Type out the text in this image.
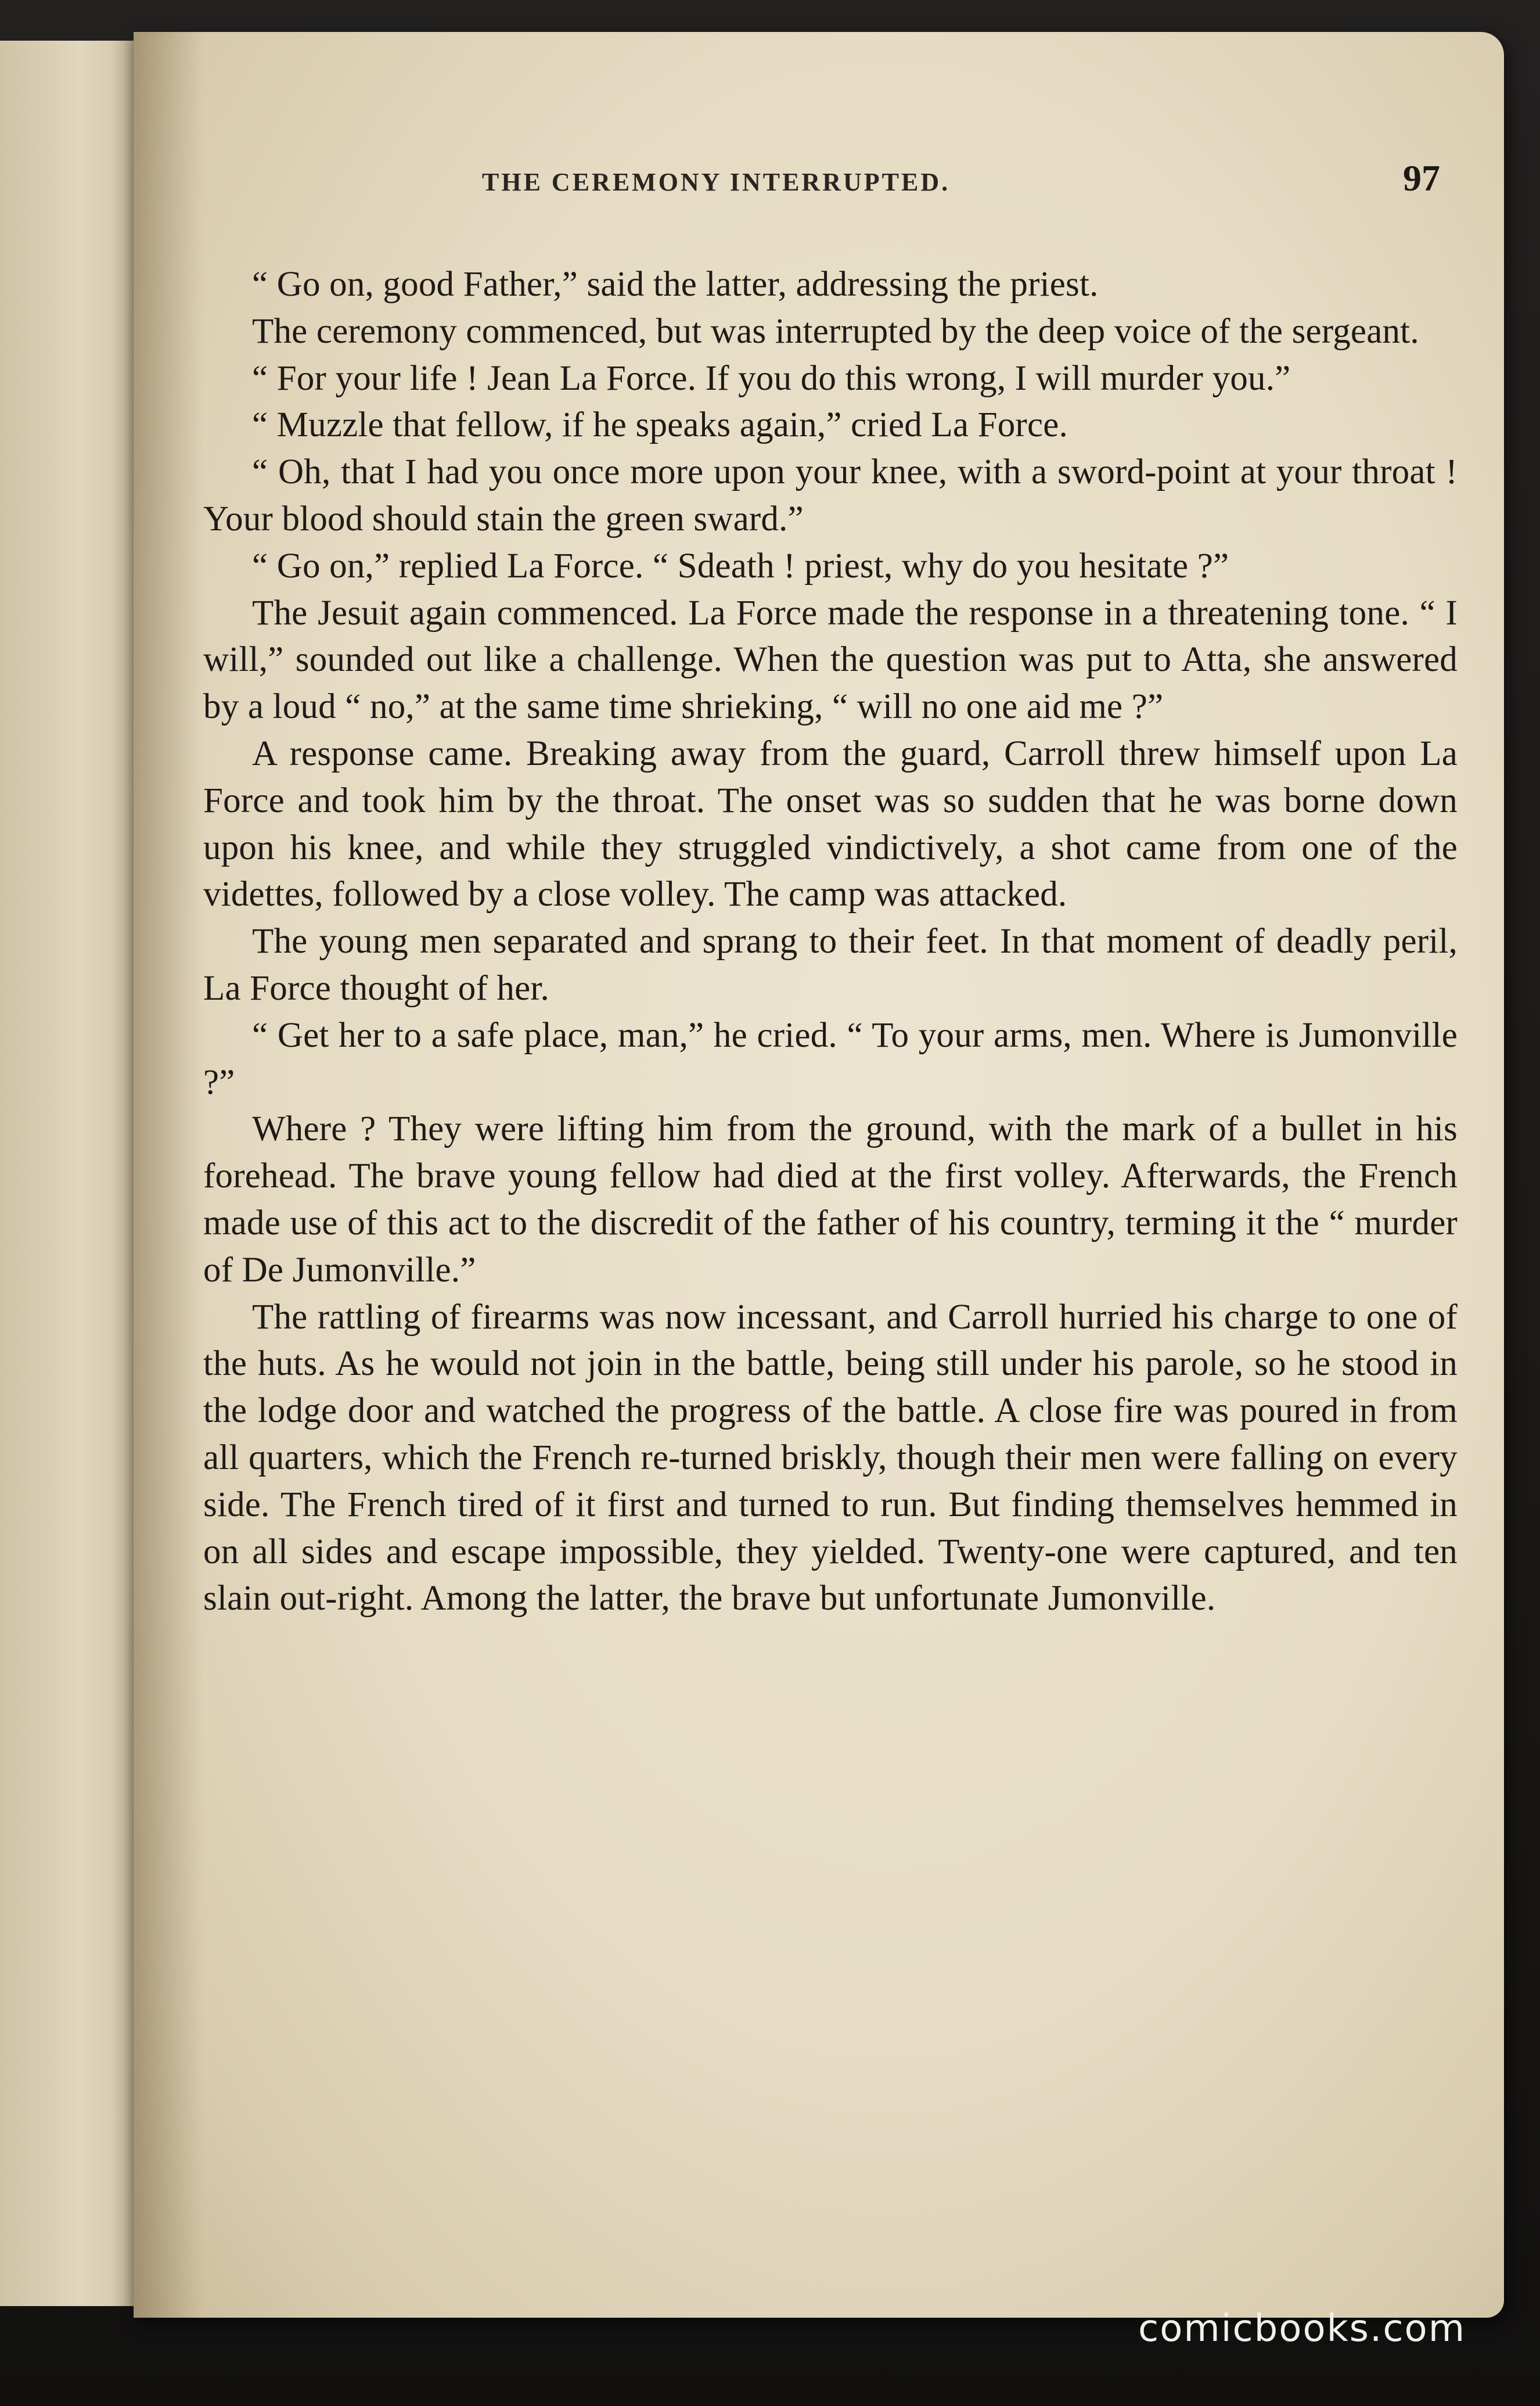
THE CEREMONY INTERRUPTED.	97

“ Go on, good Father,” said the latter, addressing the priest.

The ceremony commenced, but was interrupted by the deep voice of the sergeant.

“ For your life ! Jean La Force. If you do this wrong, I will murder you.”

“ Muzzle that fellow, if he speaks again,” cried La Force.

“ Oh, that I had you once more upon your knee, with a sword-point at your throat ! Your blood should stain the green sward.”

“ Go on,” replied La Force. “ Sdeath ! priest, why do you hesitate ?”

The Jesuit again commenced. La Force made the response in a threatening tone. “ I will,” sounded out like a challenge. When the question was put to Atta, she answered by a loud “ no,” at the same time shrieking, “ will no one aid me ?”

A response came. Breaking away from the guard, Carroll threw himself upon La Force and took him by the throat. The onset was so sudden that he was borne down upon his knee, and while they struggled vindictively, a shot came from one of the videttes, followed by a close volley. The camp was attacked.

The young men separated and sprang to their feet. In that moment of deadly peril, La Force thought of her.

“ Get her to a safe place, man,” he cried. “ To your arms, men. Where is Jumonville ?”

Where ? They were lifting him from the ground, with the mark of a bullet in his forehead. The brave young fellow had died at the first volley. Afterwards, the French made use of this act to the discredit of the father of his country, terming it the “ murder of De Jumonville.”

The rattling of firearms was now incessant, and Carroll hurried his charge to one of the huts. As he would not join in the battle, being still under his parole, so he stood in the lodge door and watched the progress of the battle. A close fire was poured in from all quarters, which the French re-turned briskly, though their men were falling on every side. The French tired of it first and turned to run. But finding themselves hemmed in on all sides and escape impossible, they yielded. Twenty-one were captured, and ten slain out-right. Among the latter, the brave but unfortunate Jumonville.

comicbooks.com
